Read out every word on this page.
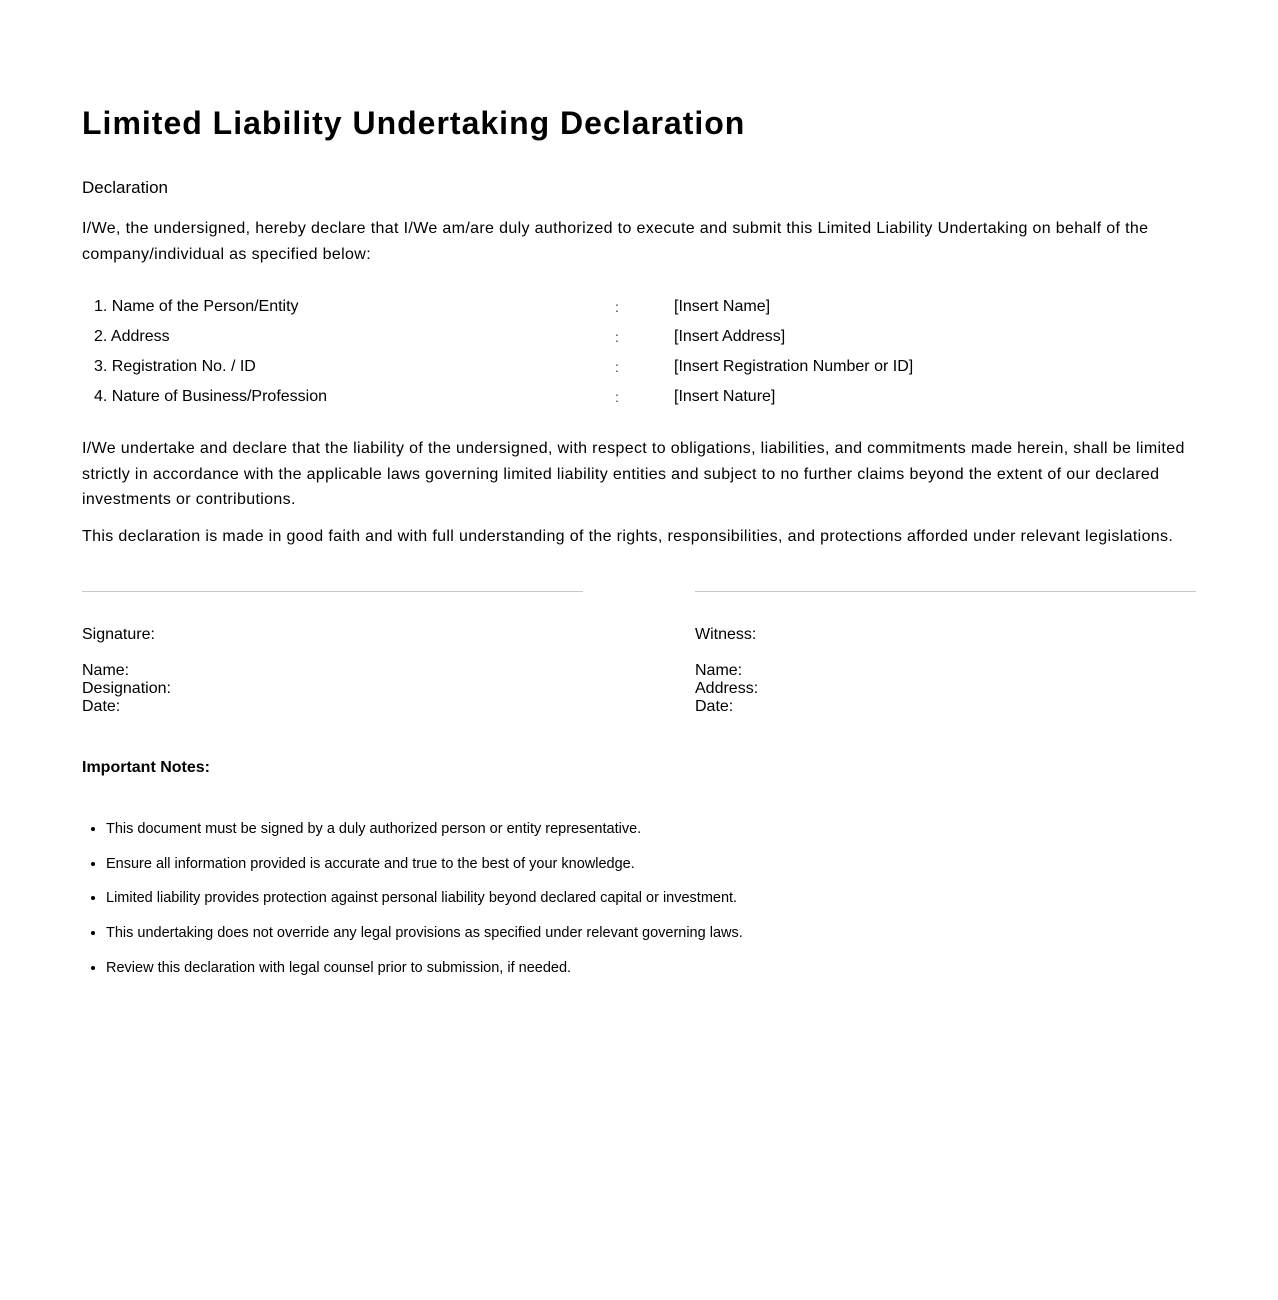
Limited Liability Undertaking Declaration
Declaration

I/We, the undersigned, hereby declare that I/We am/are duly authorized to execute and submit this Limited Liability Undertaking on behalf of the company/individual as specified below:

1. Name of the Person/Entity	:	[Insert Name]
2. Address	:	[Insert Address]
3. Registration No. / ID	:	[Insert Registration Number or ID]
4. Nature of Business/Profession	:	[Insert Nature]

I/We undertake and declare that the liability of the undersigned, with respect to obligations, liabilities, and commitments made herein, shall be limited strictly in accordance with the applicable laws governing limited liability entities and subject to no further claims beyond the extent of our declared investments or contributions.

This declaration is made in good faith and with full understanding of the rights, responsibilities, and protections afforded under relevant legislations.

Signature:
Name:
Designation:
Date:
Witness:
Name:
Address:
Date:
Important Notes:
• This document must be signed by a duly authorized person or entity representative.
• Ensure all information provided is accurate and true to the best of your knowledge.
• Limited liability provides protection against personal liability beyond declared capital or investment.
• This undertaking does not override any legal provisions as specified under relevant governing laws.
• Review this declaration with legal counsel prior to submission, if needed.
